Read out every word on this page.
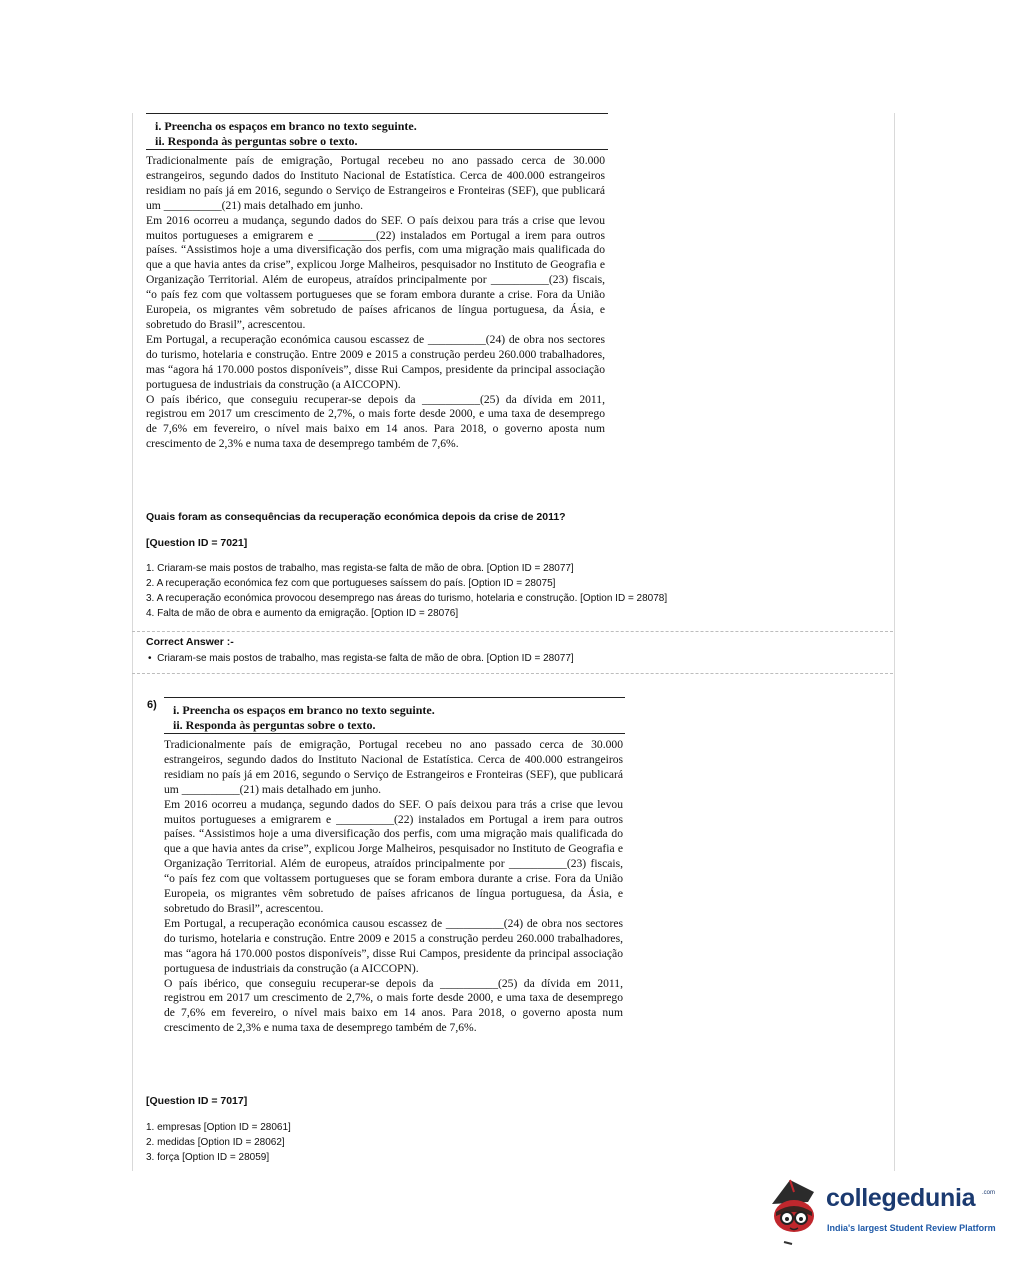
i. Preencha os espaços em branco no texto seguinte.
ii. Responda às perguntas sobre o texto.

Tradicionalmente país de emigração, Portugal recebeu no ano passado cerca de 30.000 estrangeiros, segundo dados do Instituto Nacional de Estatística. Cerca de 400.000 estrangeiros residiam no país já em 2016, segundo o Serviço de Estrangeiros e Fronteiras (SEF), que publicará um __________(21) mais detalhado em junho.

Em 2016 ocorreu a mudança, segundo dados do SEF. O país deixou para trás a crise que levou muitos portugueses a emigrarem e __________(22) instalados em Portugal a irem para outros países. “Assistimos hoje a uma diversificação dos perfis, com uma migração mais qualificada do que a que havia antes da crise”, explicou Jorge Malheiros, pesquisador no Instituto de Geografia e Organização Territorial. Além de europeus, atraídos principalmente por __________(23) fiscais, “o país fez com que voltassem portugueses que se foram embora durante a crise. Fora da União Europeia, os migrantes vêm sobretudo de países africanos de língua portuguesa, da Ásia, e sobretudo do Brasil”, acrescentou.

Em Portugal, a recuperação económica causou escassez de __________(24) de obra nos sectores do turismo, hotelaria e construção. Entre 2009 e 2015 a construção perdeu 260.000 trabalhadores, mas “agora há 170.000 postos disponíveis”, disse Rui Campos, presidente da principal associação portuguesa de industriais da construção (a AICCOPN).

O país ibérico, que conseguiu recuperar-se depois da __________(25) da dívida em 2011, registrou em 2017 um crescimento de 2,7%, o mais forte desde 2000, e uma taxa de desemprego de 7,6% em fevereiro, o nível mais baixo em 14 anos. Para 2018, o governo aposta num crescimento de 2,3% e numa taxa de desemprego também de 7,6%.

Quais foram as consequências da recuperação económica depois da crise de 2011?
[Question ID = 7021]
1. Criaram-se mais postos de trabalho, mas regista-se falta de mão de obra. [Option ID = 28077]
2. A recuperação económica fez com que portugueses saíssem do país. [Option ID = 28075]
3. A recuperação económica provocou desemprego nas áreas do turismo, hotelaria e construção. [Option ID = 28078]
4. Falta de mão de obra e aumento da emigração. [Option ID = 28076]
Correct Answer :-
•  Criaram-se mais postos de trabalho, mas regista-se falta de mão de obra. [Option ID = 28077]
6) i. Preencha os espaços em branco no texto seguinte.
ii. Responda às perguntas sobre o texto.

Tradicionalmente país de emigração, Portugal recebeu no ano passado cerca de 30.000 estrangeiros, segundo dados do Instituto Nacional de Estatística. Cerca de 400.000 estrangeiros residiam no país já em 2016, segundo o Serviço de Estrangeiros e Fronteiras (SEF), que publicará um __________(21) mais detalhado em junho.

Em 2016 ocorreu a mudança, segundo dados do SEF. O país deixou para trás a crise que levou muitos portugueses a emigrarem e __________(22) instalados em Portugal a irem para outros países. “Assistimos hoje a uma diversificação dos perfis, com uma migração mais qualificada do que a que havia antes da crise”, explicou Jorge Malheiros, pesquisador no Instituto de Geografia e Organização Territorial. Além de europeus, atraídos principalmente por __________(23) fiscais, “o país fez com que voltassem portugueses que se foram embora durante a crise. Fora da União Europeia, os migrantes vêm sobretudo de países africanos de língua portuguesa, da Ásia, e sobretudo do Brasil”, acrescentou.

Em Portugal, a recuperação económica causou escassez de __________(24) de obra nos sectores do turismo, hotelaria e construção. Entre 2009 e 2015 a construção perdeu 260.000 trabalhadores, mas “agora há 170.000 postos disponíveis”, disse Rui Campos, presidente da principal associação portuguesa de industriais da construção (a AICCOPN).

O país ibérico, que conseguiu recuperar-se depois da __________(25) da dívida em 2011, registrou em 2017 um crescimento de 2,7%, o mais forte desde 2000, e uma taxa de desemprego de 7,6% em fevereiro, o nível mais baixo em 14 anos. Para 2018, o governo aposta num crescimento de 2,3% e numa taxa de desemprego também de 7,6%.

[Question ID = 7017]
1. empresas [Option ID = 28061]
2. medidas [Option ID = 28062]
3. força [Option ID = 28059]
collegedunia .com
India's largest Student Review Platform
